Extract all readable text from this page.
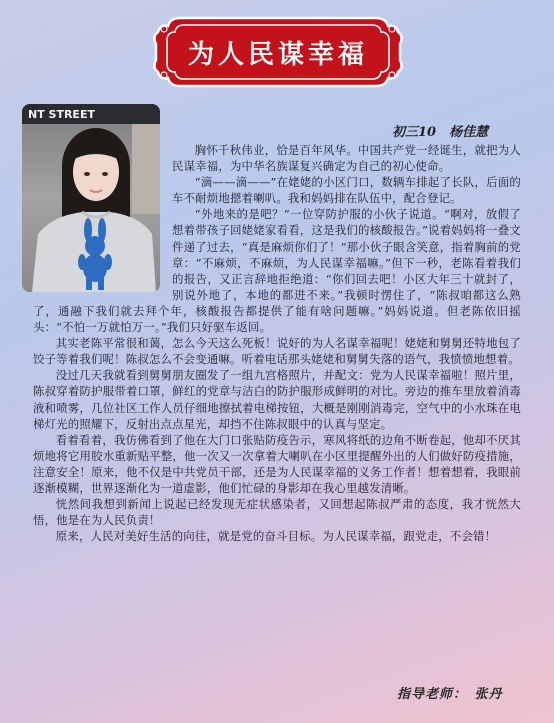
为人民谋幸福
NT STREET
初三10　杨佳慧

胸怀千秋伟业，恰是百年风华。中国共产党一经诞生，就把为人民谋幸福，为中华名族谋复兴确定为自己的初心使命。

“滴——滴——”在姥姥的小区门口，数辆车排起了长队，后面的车不耐烦地摁着喇叭。我和妈妈排在队伍中，配合登记。

“外地来的是吧？”一位穿防护服的小伙子说道。“啊对，放假了想着带孩子回姥姥家看看，这是我们的核酸报告。”说着妈妈将一叠文件递了过去，“真是麻烦你们了！”那小伙子眼含笑意，指着胸前的党章：“不麻烦，不麻烦，为人民谋幸福嘛。”但下一秒，老陈看着我们的报告，又正言辞地拒绝道：“你们回去吧！小区大年三十就封了，别说外地了，本地的都进不来。”我顿时愣住了，“陈叔咱都这么熟了，通融下我们就去拜个年，核酸报告都提供了能有啥问题嘛。”妈妈说道。但老陈依旧摇头：“不怕一万就怕万一。”我们只好驱车返回。

其实老陈平常很和蔼，怎么今天这么死板！说好的为人名谋幸福呢！姥姥和舅舅还特地包了饺子等着我们呢！陈叔怎么不会变通嘛。听着电话那头姥姥和舅舅失落的语气，我愤愤地想着。

没过几天我就看到舅舅朋友圈发了一组九宫格照片，并配文：党为人民谋幸福啦！照片里，陈叔穿着防护服带着口罩，鲜红的党章与洁白的防护服形成鲜明的对比。旁边的推车里放着消毒液和喷雾，几位社区工作人员仔细地擦拭着电梯按钮，大概是刚刚消毒完，空气中的小水珠在电梯灯光的照耀下，反射出点点星光，却挡不住陈叔眼中的认真与坚定。

看着看着，我仿佛看到了他在大门口张贴防疫告示，寒风将纸的边角不断卷起，他却不厌其烦地将它用胶水重新贴平整，他一次又一次拿着大喇叭在小区里提醒外出的人们做好防疫措施，注意安全！原来，他不仅是中共党员干部，还是为人民谋幸福的义务工作者！想着想着，我眼前逐渐模糊，世界逐渐化为一道虚影，他们忙碌的身影却在我心里越发清晰。

恍然间我想到新闻上说起已经发现无症状感染者，又回想起陈叔严肃的态度，我才恍然大悟，他是在为人民负责！

原来，人民对美好生活的向往，就是党的奋斗目标。为人民谋幸福，跟党走，不会错！

指导老师：　张丹
